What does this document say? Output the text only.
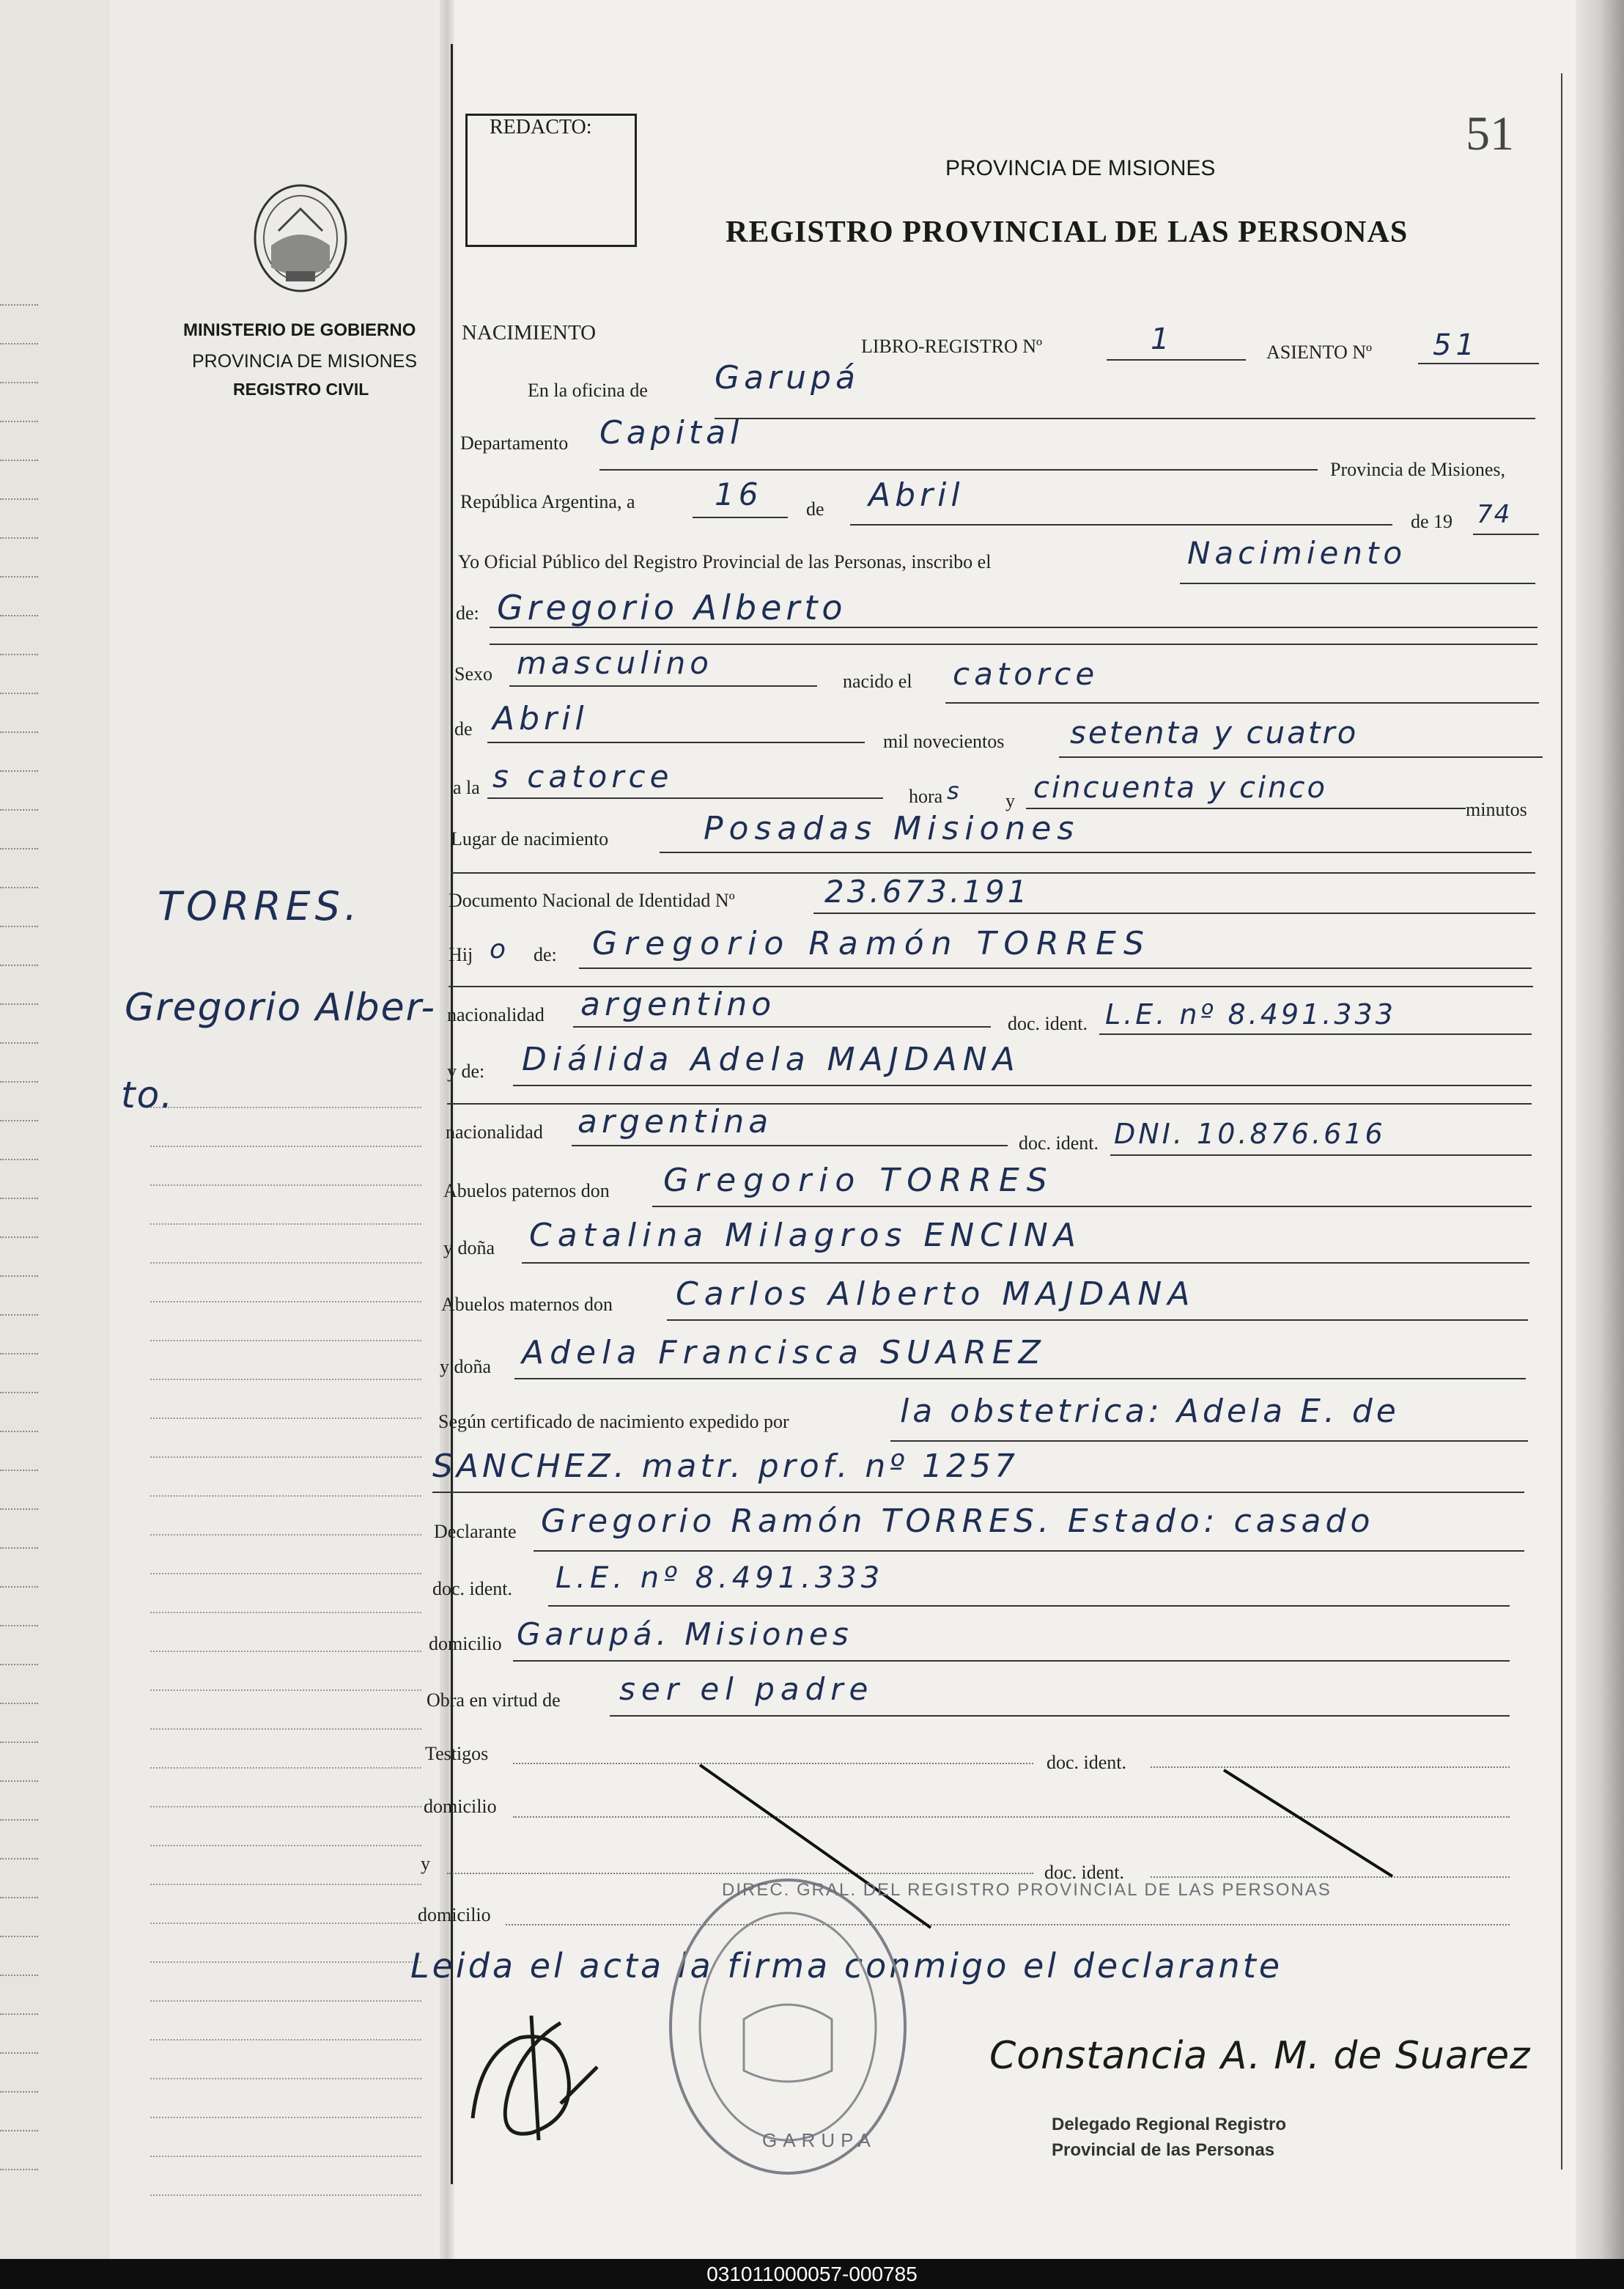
MINISTERIO DE GOBIERNO
PROVINCIA DE MISIONES
REGISTRO CIVIL
TORRES.
Gregorio Alber-
to.
REDACTO:	51
PROVINCIA DE MISIONES
REGISTRO PROVINCIAL DE LAS PERSONAS
NACIMIENTO
LIBRO-REGISTRO Nº	1	ASIENTO Nº 51
En la oficina de Garupá
Departamento Capital
Provincia de Misiones,
República Argentina, a	16 de Abril
de 19 74
Yo Oficial Público del Registro Provincial de las Personas, inscribo el	Nacimiento
de: Gregorio Alberto
Sexo masculino
nacido el catorce
de Abril
mil novecientos setenta y cuatro
a la s catorce
hora s y cincuenta y cinco
minutos
Lugar de nacimiento	Posadas Misiones
Documento Nacional de Identidad Nº	23.673.191
Hij o de: Gregorio Ramón TORRES
nacionalidad argentino
doc. ident. L.E. nº 8.491.333
y de: Diálida Adela MAJDANA
nacionalidad argentina
doc. ident. DNI. 10.876.616
Abuelos paternos don Gregorio TORRES
y doña Catalina Milagros ENCINA
Abuelos maternos don Carlos Alberto MAJDANA
y doña Adela Francisca SUAREZ
Según certificado de nacimiento expedido por	la obstetrica: Adela E. de
SANCHEZ. matr. prof. nº 1257
Declarante Gregorio Ramón TORRES. Estado: casado
doc. ident. L.E. nº 8.491.333
domicilio Garupá. Misiones
Obra en virtud de ser el padre
Testigos	doc. ident.
domicilio
y	doc. ident.
domicilio
Leida el acta la firma conmigo el declarante
DIREC. GRAL. DEL REGISTRO PROVINCIAL DE LAS PERSONAS
GARUPA
Constancia A. M. de Suarez
Delegado Regional Registro
Provincial de las Personas
031011000057-000785
